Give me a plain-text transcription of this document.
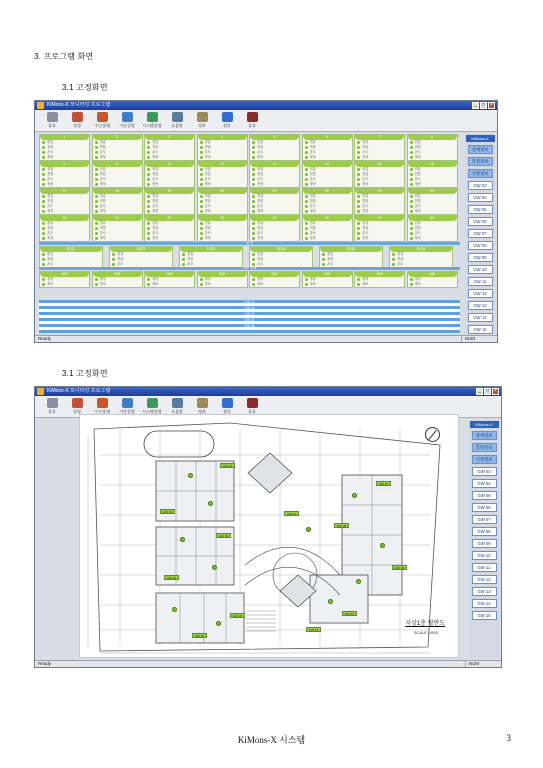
3. 프로그램 화면
3.1 고정화면
KiMons-X 모니터링 프로그램	_	□	×
종료	설정	수신상태 기준설정 시스템설정 도움말	정보	접속	종료
1
전류
전압
온도
정상
2
전류
전압
온도
정상
3
전류
전압
온도
정상
4
전류
전압
온도
정상
5
전류
전압
온도
정상
6
전류
전압
온도
정상
7
전류
전압
온도
정상
8
전류
전압
온도
정상
9
전류
전압
온도
정상
10
전류
전압
온도
정상
11
전류
전압
온도
정상
12
전류
전압
온도
정상
13
전류
전압
온도
정상
14
전류
전압
온도
정상
15
전류
전압
온도
정상
16
전류
전압
온도
정상
17
전류
전압
온도
정상
18
전류
전압
온도
정상
19
전류
전압
온도
정상
20
전류
전압
온도
정상
21
전류
전압
온도
정상
22
전류
전압
온도
정상
23
전류
전압
온도
정상
24
전류
전압
온도
정상
25
전류
전압
온도
정상
26
전류
전압
온도
정상
27
전류
전압
온도
정상
28
전류
전압
온도
정상
29
전류
전압
온도
정상
30
전류
전압
온도
정상
31
전류
전압
온도
정상
32
전류
전압
온도
정상
환경
환경1
전류
전압
온도
환경2
전류
전압
온도
환경3
전류
전압
온도
환경4
전류
전압
온도
환경5
전류
전압
온도
환경6
전류
전압
온도
GW 상태
GW
정상
경보
GW
정상
경보
GW
정상
경보
GW
정상
경보
GW
정상
경보
GW
정상
경보
GW
정상
경보
GW
정상
경보
GW 31
GW 32
GW 33
GW 34
GW 35
KiMons-X
상세정보
측정정보
기상정보
GW 03
GW 04
GW 05
GW 06
GW 07
GW 08
GW 09
GW 10
GW 11
GW 12
GW 13
GW 14
GW 15
Ready	NUM
3.1 고정화면
KiMons-X 모니터링 프로그램	_	□	×
종료	설정	수신상태 기준설정 시스템설정 도움말	정보	접속	종료
GW 01
GW 02
GW 03
GW 04
GW 05
GW 06
GW 07
GW 08
GW 09
GW 10
GW 11
GW 12
지상1층 평면도
SCALE 1/600
KiMons-X
상세정보
측정정보
기상정보
GW 03
GW 04
GW 05
GW 06
GW 07
GW 08
GW 09
GW 10
GW 11
GW 12
GW 13
GW 14
GW 15
Ready	NUM
KiMons-X 시스템	3
